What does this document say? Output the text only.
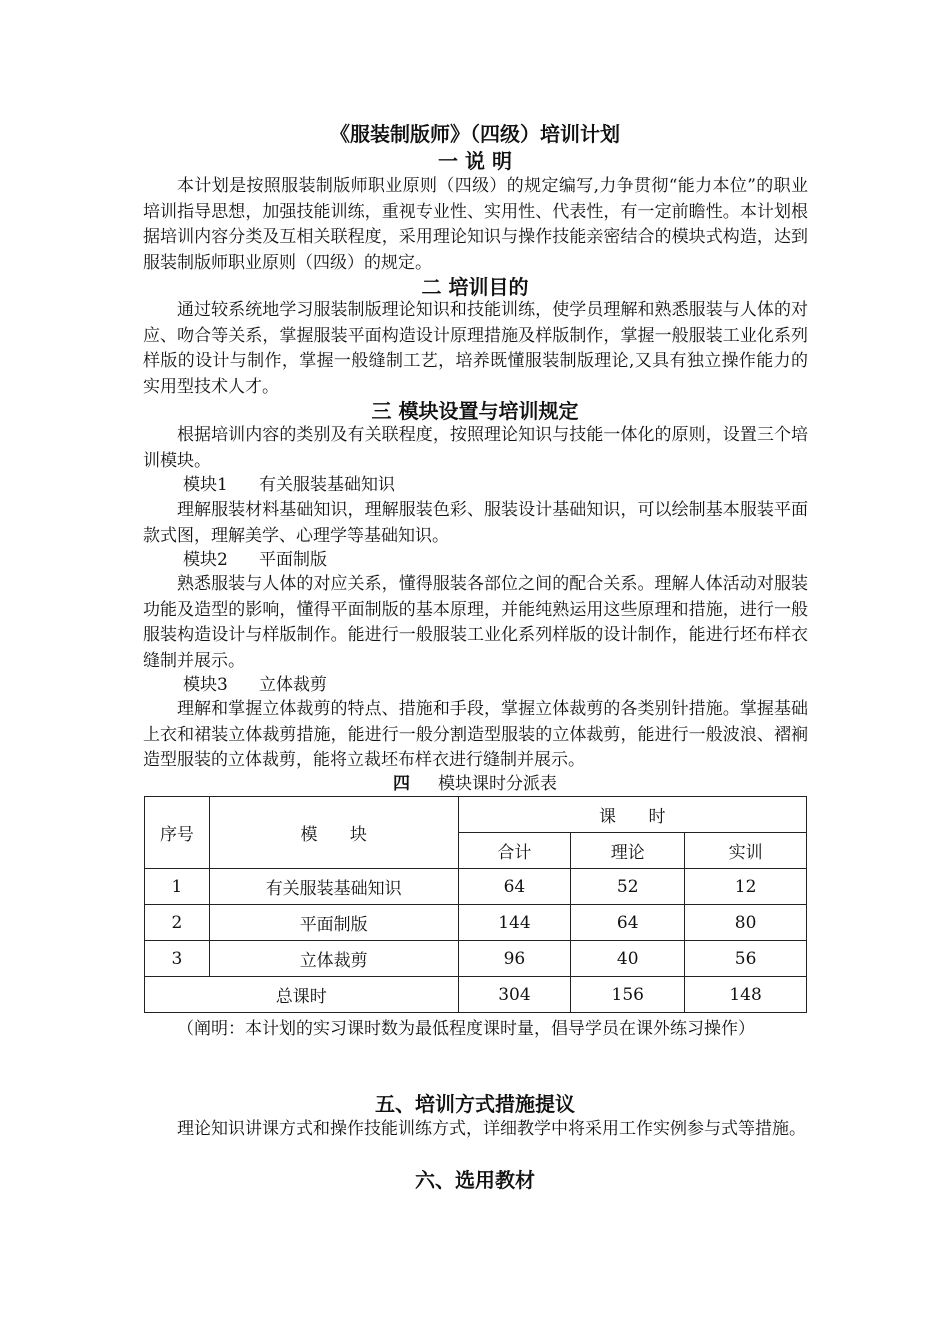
《服装制版师》（四级）培训计划
一 说 明

本计划是按照服装制版师职业原则（四级）的规定编写,力争贯彻“能力本位”的职业培训指导思想，加强技能训练，重视专业性、实用性、代表性，有一定前瞻性。本计划根据培训内容分类及互相关联程度，采用理论知识与操作技能亲密结合的模块式构造，达到服装制版师职业原则（四级）的规定。

二 培训目的

通过较系统地学习服装制版理论知识和技能训练，使学员理解和熟悉服装与人体的对应、吻合等关系，掌握服装平面构造设计原理措施及样版制作，掌握一般服装工业化系列样版的设计与制作，掌握一般缝制工艺，培养既懂服装制版理论,又具有独立操作能力的实用型技术人才。

三 模块设置与培训规定

根据培训内容的类别及有关联程度，按照理论知识与技能一体化的原则，设置三个培训模块。

模块1 有关服装基础知识

理解服装材料基础知识，理解服装色彩、服装设计基础知识，可以绘制基本服装平面款式图，理解美学、心理学等基础知识。

模块2 平面制版

熟悉服装与人体的对应关系，懂得服装各部位之间的配合关系。理解人体活动对服装功能及造型的影响，懂得平面制版的基本原理，并能纯熟运用这些原理和措施，进行一般服装构造设计与样版制作。能进行一般服装工业化系列样版的设计制作，能进行坯布样衣缝制并展示。

模块3 立体裁剪

理解和掌握立体裁剪的特点、措施和手段，掌握立体裁剪的各类别针措施。掌握基础上衣和裙装立体裁剪措施，能进行一般分割造型服装的立体裁剪，能进行一般波浪、褶裥造型服装的立体裁剪，能将立裁坯布样衣进行缝制并展示。

四 模块课时分派表
序号	模      块	课      时		
		合计	理论	实训
1	有关服装基础知识	64	52	12
2	平面制版	144	64	80
3	立体裁剪	96	40	56
总课时		304	156	148

（阐明：本计划的实习课时数为最低程度课时量，倡导学员在课外练习操作）

五、培训方式措施提议

理论知识讲课方式和操作技能训练方式，详细教学中将采用工作实例参与式等措施。

六、选用教材
